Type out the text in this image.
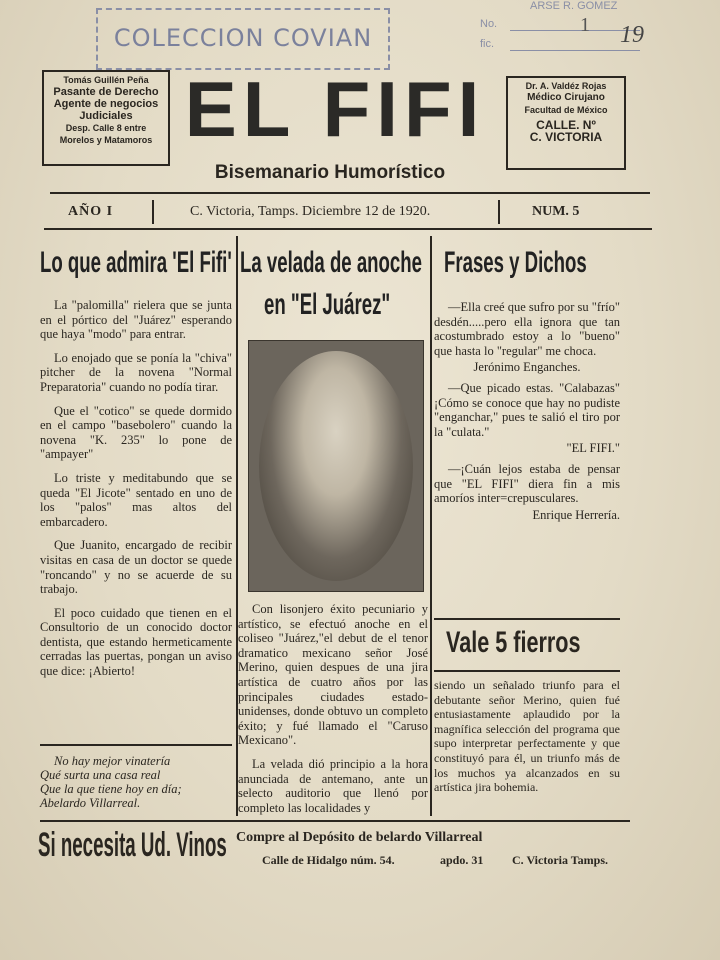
COLECCION COVIAN
ARSE R. GOMEZ
No.	1
fic.	19
Tomás Guillén Peña
Pasante de Derecho
Agente de negocios
Judiciales
Desp. Calle 8 entre
Morelos y Matamoros
Dr. A. Valdéz Rojas
Médico Cirujano
Facultad de México
CALLE. Nº
C. VICTORIA
EL FIFI
Bisemanario Humorístico
AÑO I	C. Victoria, Tamps. Diciembre 12 de 1920.	NUM. 5
Lo que admira 'El Fifi'

La "palomilla" rielera que se junta en el pórtico del "Juárez" esperando que haya "modo" para entrar.

Lo enojado que se ponía la "chiva" pitcher de la novena "Normal Preparatoria" cuando no podía tirar.

Que el "cotico" se quede dormido en el campo "basebolero" cuando la novena "K. 235" lo pone de "ampayer"

Lo triste y meditabundo que se queda "El Jicote" sentado en uno de los "palos" mas altos del embarcadero.

Que Juanito, encargado de recibir visitas en casa de un doctor se quede "roncando" y no se acuerde de su trabajo.

El poco cuidado que tienen en el Consultorio de un conocido doctor dentista, que estando hermeticamente cerradas las puertas, pongan un aviso que dice: ¡Abierto!

No hay mejor vinatería
Qué surta una casa real
Que la que tiene hoy en día;
Abelardo Villarreal.
La velada de anoche
en "El Juárez"

Con lisonjero éxito pecuniario y artístico, se efectuó anoche en el coliseo "Juárez,"el debut de el tenor dramatico mexicano señor José Merino, quien despues de una jira artística de cuatro años por las principales ciudades estado-unidenses, donde obtuvo un completo éxito; y fué llamado el "Caruso Mexicano".

La velada dió principio a la hora anunciada de antemano, ante un selecto auditorio que llenó por completo las localidades y

Frases y Dichos

—Ella creé que sufro por su "frío" desdén.....pero ella ignora que tan acostumbrado estoy a lo "bueno" que hasta lo "regular" me choca.

Jerónimo Enganches.

—Que picado estas. "Calabazas" ¡Cómo se conoce que hay no pudiste "enganchar," pues te salió el tiro por la "culata."

"EL FIFI."

—¡Cuán lejos estaba de pensar que "EL FIFI" diera fin a mis amoríos inter=crepusculares.

Enrique Herrería.
Vale 5 fierros

siendo un señalado triunfo para el debutante señor Merino, quien fué entusiastamente aplaudido por la magnífica selección del programa que supo interpretar perfectamente y que constituyó para él, un triunfo más de los muchos ya alcanzados en su artística jira bohemia.

Si necesita Ud. Vinos Compre al Depósito de belardo Villarreal
Calle de Hidalgo núm. 54.	apdo. 31 C. Victoria Tamps.
